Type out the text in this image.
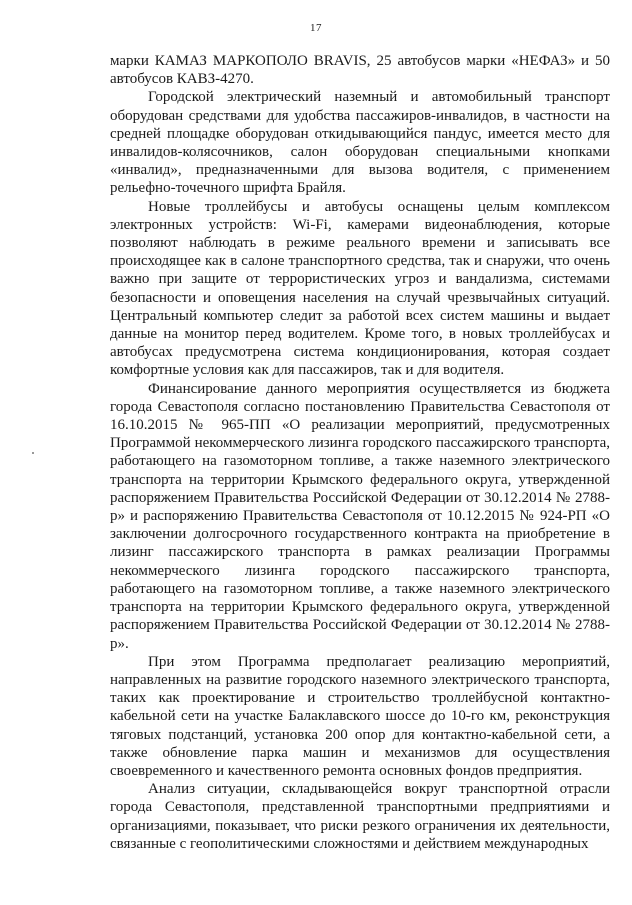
17

марки КАМАЗ МАРКОПОЛО BRAVIS, 25 автобусов марки «НЕФАЗ» и 50 автобусов КАВЗ-4270.

Городской электрический наземный и автомобильный транспорт оборудован средствами для удобства пассажиров-инвалидов, в частности на средней площадке оборудован откидывающийся пандус, имеется место для инвалидов-колясочников, салон оборудован специальными кнопками «инвалид», предназначенными для вызова водителя, с применением рельефно-точечного шрифта Брайля.

Новые троллейбусы и автобусы оснащены целым комплексом электронных устройств: Wi-Fi, камерами видеонаблюдения, которые позволяют наблюдать в режиме реального времени и записывать все происходящее как в салоне транспортного средства, так и снаружи, что очень важно при защите от террористических угроз и вандализма, системами безопасности и оповещения населения на случай чрезвычайных ситуаций. Центральный компьютер следит за работой всех систем машины и выдает данные на монитор перед водителем. Кроме того, в новых троллейбусах и автобусах предусмотрена система кондиционирования, которая создает комфортные условия как для пассажиров, так и для водителя.

Финансирование данного мероприятия осуществляется из бюджета города Севастополя согласно постановлению Правительства Севастополя от 16.10.2015 № 965-ПП «О реализации мероприятий, предусмотренных Программой некоммерческого лизинга городского пассажирского транспорта, работающего на газомоторном топливе, а также наземного электрического транспорта на территории Крымского федерального округа, утвержденной распоряжением Правительства Российской Федерации от 30.12.2014 № 2788-р» и распоряжению Правительства Севастополя от 10.12.2015 № 924-РП «О заключении долгосрочного государственного контракта на приобретение в лизинг пассажирского транспорта в рамках реализации Программы некоммерческого лизинга городского пассажирского транспорта, работающего на газомоторном топливе, а также наземного электрического транспорта на территории Крымского федерального округа, утвержденной распоряжением Правительства Российской Федерации от 30.12.2014 № 2788-р».

При этом Программа предполагает реализацию мероприятий, направленных на развитие городского наземного электрического транспорта, таких как проектирование и строительство троллейбусной контактно-кабельной сети на участке Балаклавского шоссе до 10-го км, реконструкция тяговых подстанций, установка 200 опор для контактно-кабельной сети, а также обновление парка машин и механизмов для осуществления своевременного и качественного ремонта основных фондов предприятия.

Анализ ситуации, складывающейся вокруг транспортной отрасли города Севастополя, представленной транспортными предприятиями и организациями, показывает, что риски резкого ограничения их деятельности, связанные с геополитическими сложностями и действием международных
